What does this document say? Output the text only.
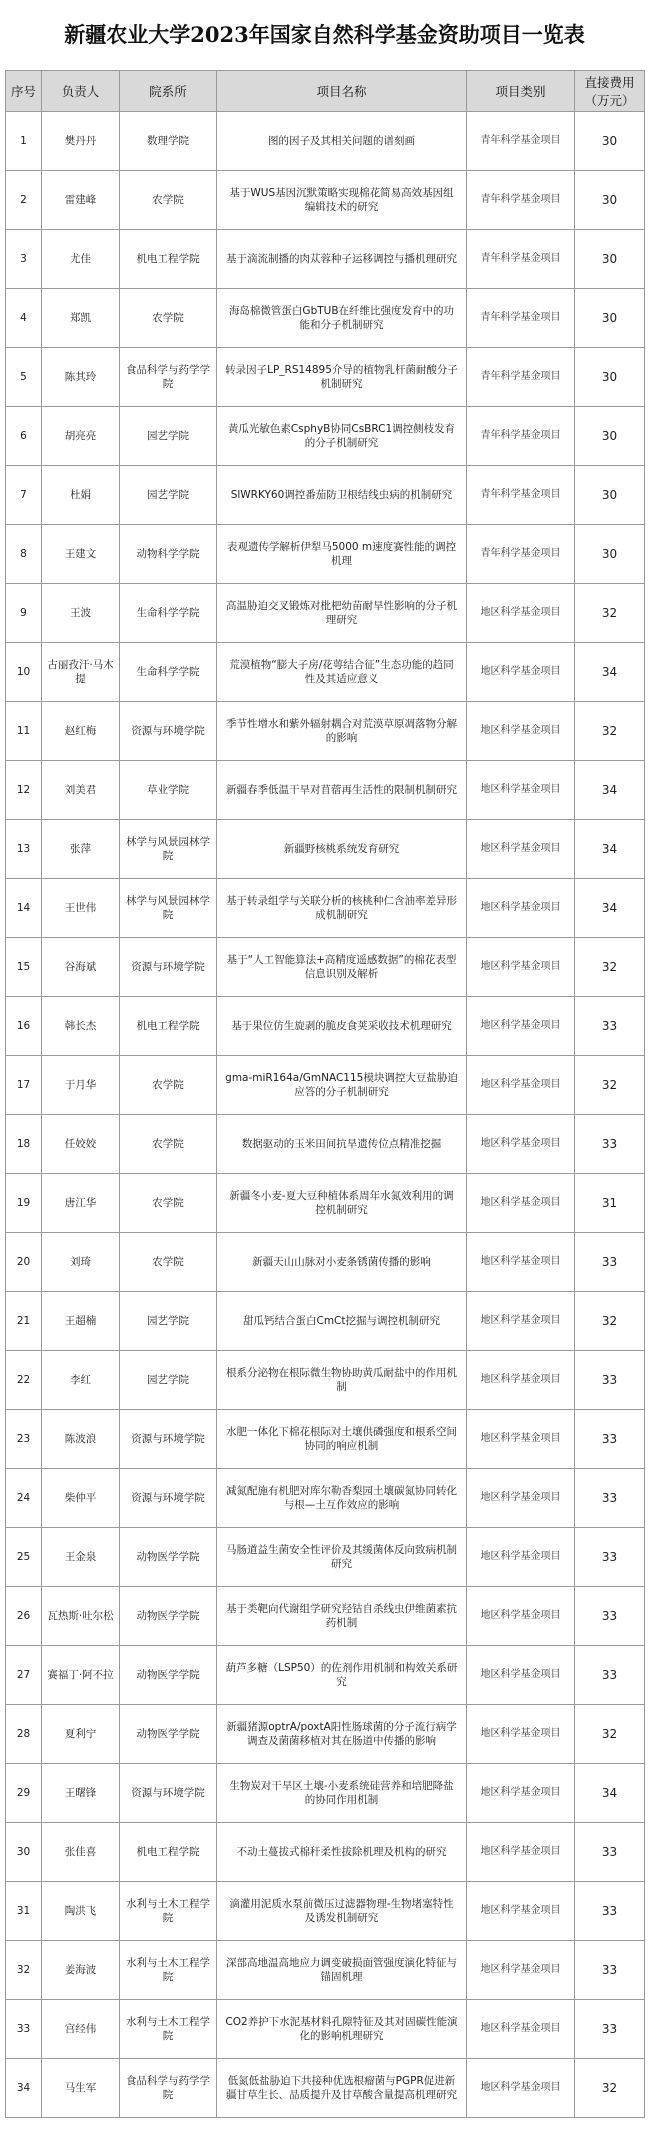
新疆农业大学2023年国家自然科学基金资助项目一览表
序号	负责人	院系所	项目名称	项目类别	直接费用（万元）
1	樊丹丹	数理学院	图的因子及其相关问题的谱刻画	青年科学基金项目	30
2	雷建峰	农学院	基于WUS基因沉默策略实现棉花简易高效基因组编辑技术的研究	青年科学基金项目	30
3	尤佳	机电工程学院	基于滴流制播的肉苁蓉种子运移调控与播机理研究	青年科学基金项目	30
4	郑凯	农学院	海岛棉微管蛋白GbTUB在纤维比强度发育中的功能和分子机制研究	青年科学基金项目	30
5	陈其玲	食品科学与药学学院	转录因子LP_RS14895介导的植物乳杆菌耐酸分子机制研究	青年科学基金项目	30
6	胡亮亮	园艺学院	黄瓜光敏色素CsphyB协同CsBRC1调控侧枝发育的分子机制研究	青年科学基金项目	30
7	杜娟	园艺学院	SlWRKY60调控番茄防卫根结线虫病的机制研究	青年科学基金项目	30
8	王建文	动物科学学院	表观遗传学解析伊犁马5000 m速度赛性能的调控机理	青年科学基金项目	30
9	王波	生命科学学院	高温胁迫交叉锻炼对枇杷幼苗耐旱性影响的分子机理研究	地区科学基金项目	32
10	古丽孜汗·马木提	生命科学学院	荒漠植物“膨大子房/花萼结合征”生态功能的趋同性及其适应意义	地区科学基金项目	34
11	赵红梅	资源与环境学院	季节性增水和紫外辐射耦合对荒漠草原凋落物分解的影响	地区科学基金项目	32
12	刘美君	草业学院	新疆春季低温干旱对苜蓿再生活性的限制机制研究	地区科学基金项目	34
13	张萍	林学与风景园林学院	新疆野核桃系统发育研究	地区科学基金项目	34
14	王世伟	林学与风景园林学院	基于转录组学与关联分析的核桃种仁含油率差异形成机制研究	地区科学基金项目	34
15	谷海斌	资源与环境学院	基于“人工智能算法+高精度遥感数据”的棉花表型信息识别及解析	地区科学基金项目	32
16	韩长杰	机电工程学院	基于果位仿生旋剥的脆皮食荚采收技术机理研究	地区科学基金项目	33
17	于月华	农学院	gma-miR164a/GmNAC115模块调控大豆盐胁迫应答的分子机制研究	地区科学基金项目	32
18	任姣姣	农学院	数据驱动的玉米田间抗旱遗传位点精准挖掘	地区科学基金项目	33
19	唐江华	农学院	新疆冬小麦-夏大豆种植体系周年水氮效利用的调控机制研究	地区科学基金项目	31
20	刘琦	农学院	新疆天山山脉对小麦条锈菌传播的影响	地区科学基金项目	33
21	王超楠	园艺学院	甜瓜钙结合蛋白CmCt挖掘与调控机制研究	地区科学基金项目	32
22	李红	园艺学院	根系分泌物在根际微生物协助黄瓜耐盐中的作用机制	地区科学基金项目	33
23	陈波浪	资源与环境学院	水肥一体化下棉花根际对土壤供磷强度和根系空间协同的响应机制	地区科学基金项目	33
24	柴仲平	资源与环境学院	减氮配施有机肥对库尔勒香梨园土壤碳氮协同转化与根—土互作效应的影响	地区科学基金项目	33
25	王金泉	动物医学学院	马肠道益生菌安全性评价及其缓菌体反向致病机制研究	地区科学基金项目	33
26	瓦热斯·吐尔松	动物医学学院	基于类靶向代谢组学研究羟钴自杀线虫伊维菌素抗药机制	地区科学基金项目	33
27	赛福丁·阿不拉	动物医学学院	葫芦多糖（LSP50）的佐剂作用机制和构效关系研究	地区科学基金项目	33
28	夏利宁	动物医学学院	新疆猪源optrA/poxtA阳性肠球菌的分子流行病学调查及菌菌移植对其在肠道中传播的影响	地区科学基金项目	32
29	王曙锋	资源与环境学院	生物炭对干旱区土壤-小麦系统硅营养和培肥降盐的协同作用机制	地区科学基金项目	34
30	张佳喜	机电工程学院	不动土蔓拔式棉秆柔性拔除机理及机构的研究	地区科学基金项目	33
31	陶洪飞	水利与土木工程学院	滴灌用泥质水泵前微压过滤器物理-生物堵塞特性及诱发机制研究	地区科学基金项目	33
32	姜海波	水利与土木工程学院	深部高地温高地应力调变破损面管强度演化特征与锚固机理	地区科学基金项目	33
33	宫经伟	水利与土木工程学院	CO2养护下水泥基材料孔隙特征及其对固碳性能演化的影响机理研究	地区科学基金项目	33
34	马生军	食品科学与药学学院	低氮低盐胁迫下共接种优选根瘤菌与PGPR促进新疆甘草生长、品质提升及甘草酸含量提高机理研究	地区科学基金项目	32
